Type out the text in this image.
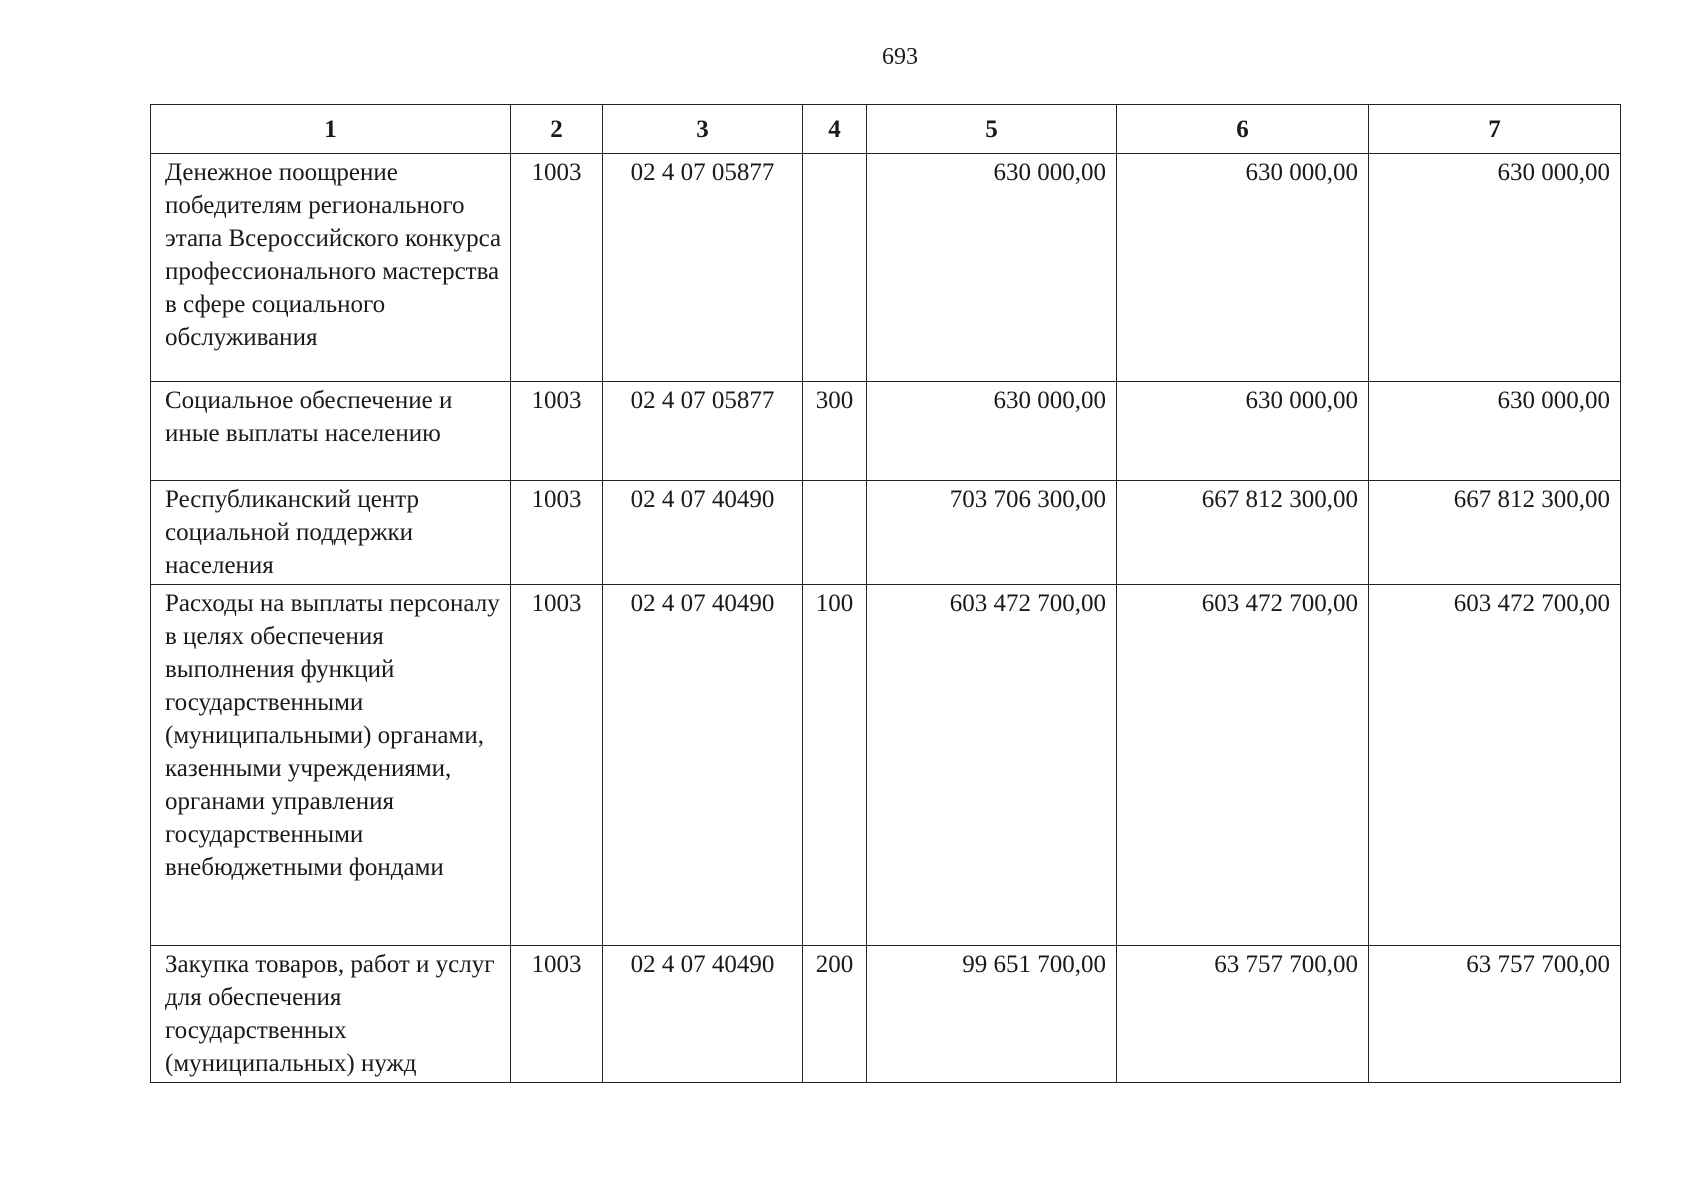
693
1	2	3	4	5	6	7
Денежное поощрение победителям регионального этапа Всероссийского конкурса профессионального мастерства в сфере социального обслуживания	1003	02 4 07 05877		630 000,00	630 000,00	630 000,00
Социальное обеспечение и иные выплаты населению	1003	02 4 07 05877	300	630 000,00	630 000,00	630 000,00
Республиканский центр социальной поддержки населения	1003	02 4 07 40490		703 706 300,00	667 812 300,00	667 812 300,00
Расходы на выплаты персоналу в целях обеспечения выполнения функций государственными (муниципальными) органами, казенными учреждениями, органами управления государственными внебюджетными фондами	1003	02 4 07 40490	100	603 472 700,00	603 472 700,00	603 472 700,00
Закупка товаров, работ и услуг для обеспечения государственных (муниципальных) нужд	1003	02 4 07 40490	200	99 651 700,00	63 757 700,00	63 757 700,00
